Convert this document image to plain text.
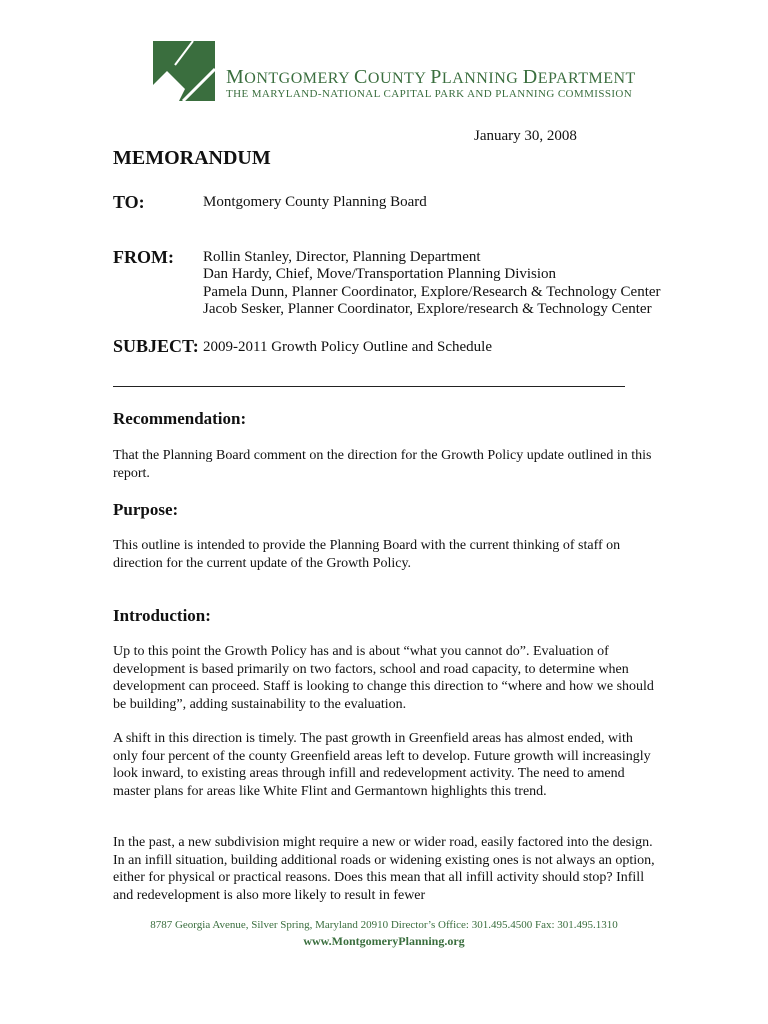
MONTGOMERY COUNTY PLANNING DEPARTMENT
THE MARYLAND-NATIONAL CAPITAL PARK AND PLANNING COMMISSION
January 30, 2008
MEMORANDUM
TO:	Montgomery County Planning Board
FROM: Rollin Stanley, Director, Planning Department
Dan Hardy, Chief, Move/Transportation Planning Division
Pamela Dunn, Planner Coordinator, Explore/Research & Technology Center
Jacob Sesker, Planner Coordinator, Explore/research & Technology Center
SUBJECT: 2009-2011 Growth Policy Outline and Schedule
Recommendation:

That the Planning Board comment on the direction for the Growth Policy update outlined in this report.

Purpose:

This outline is intended to provide the Planning Board with the current thinking of staff on direction for the current update of the Growth Policy.

Introduction:

Up to this point the Growth Policy has and is about “what you cannot do”. Evaluation of development is based primarily on two factors, school and road capacity, to determine when development can proceed. Staff is looking to change this direction to “where and how we should be building”, adding sustainability to the evaluation.

A shift in this direction is timely. The past growth in Greenfield areas has almost ended, with only four percent of the county Greenfield areas left to develop. Future growth will increasingly look inward, to existing areas through infill and redevelopment activity. The need to amend master plans for areas like White Flint and Germantown highlights this trend.

In the past, a new subdivision might require a new or wider road, easily factored into the design. In an infill situation, building additional roads or widening existing ones is not always an option, either for physical or practical reasons. Does this mean that all infill activity should stop? Infill and redevelopment is also more likely to result in fewer

8787 Georgia Avenue, Silver Spring, Maryland 20910 Director’s Office: 301.495.4500 Fax: 301.495.1310
www.MontgomeryPlanning.org
